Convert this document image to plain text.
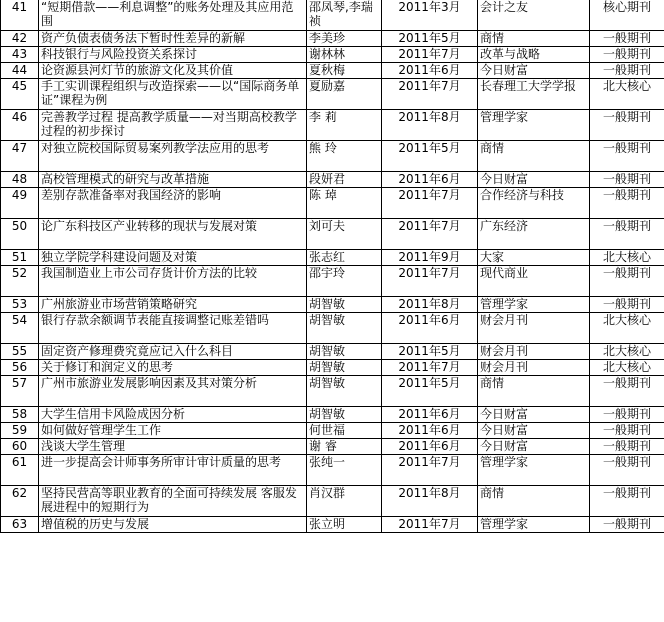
41	“短期借款——利息调整”的账务处理及其应用范围	邵凤琴,李瑞祯	2011年3月	会计之友	核心期刊
42	资产负债表债务法下暂时性差异的新解	李美珍	2011年5月	商情	一般期刊
43	科技银行与风险投资关系探讨	谢林林	2011年7月	改革与战略	一般期刊
44	论资源县河灯节的旅游文化及其价值	夏秋梅	2011年6月	今日财富	一般期刊
45	手工实训课程组织与改造探索——以“国际商务单证”课程为例	夏励嘉	2011年7月	长春理工大学学报	北大核心
46	完善教学过程 提高教学质量——对当期高校教学过程的初步探讨	李 莉	2011年8月	管理学家	一般期刊
47	对独立院校国际贸易案列教学法应用的思考	熊 玲	2011年5月	商情	一般期刊
48	高校管理模式的研究与改革措施	段妍君	2011年6月	今日财富	一般期刊
49	差别存款准备率对我国经济的影响	陈 琸	2011年7月	合作经济与科技	一般期刊
50	论广东科技区产业转移的现状与发展对策	刘可夫	2011年7月	广东经济	一般期刊
51	独立学院学科建设问题及对策	张志红	2011年9月	大家	北大核心
52	我国制造业上市公司存货计价方法的比较	邵宇玲	2011年7月	现代商业	一般期刊
53	广州旅游业市场营销策略研究	胡智敏	2011年8月	管理学家	一般期刊
54	银行存款余额调节表能直接调整记账差错吗	胡智敏	2011年6月	财会月刊	北大核心
55	固定资产修理费究竟应记入什么科目	胡智敏	2011年5月	财会月刊	北大核心
56	关于修订和润定义的思考	胡智敏	2011年7月	财会月刊	北大核心
57	广州市旅游业发展影响因素及其对策分析	胡智敏	2011年5月	商情	一般期刊
58	大学生信用卡风险成因分析	胡智敏	2011年6月	今日财富	一般期刊
59	如何做好管理学生工作	何世福	2011年6月	今日财富	一般期刊
60	浅谈大学生管理	谢 睿	2011年6月	今日财富	一般期刊
61	进一步提高会计师事务所审计审计质量的思考	张纯一	2011年7月	管理学家	一般期刊
62	坚持民营高等职业教育的全面可持续发展 客服发展进程中的短期行为	肖汉群	2011年8月	商情	一般期刊
63	增值税的历史与发展	张立明	2011年7月	管理学家	一般期刊
